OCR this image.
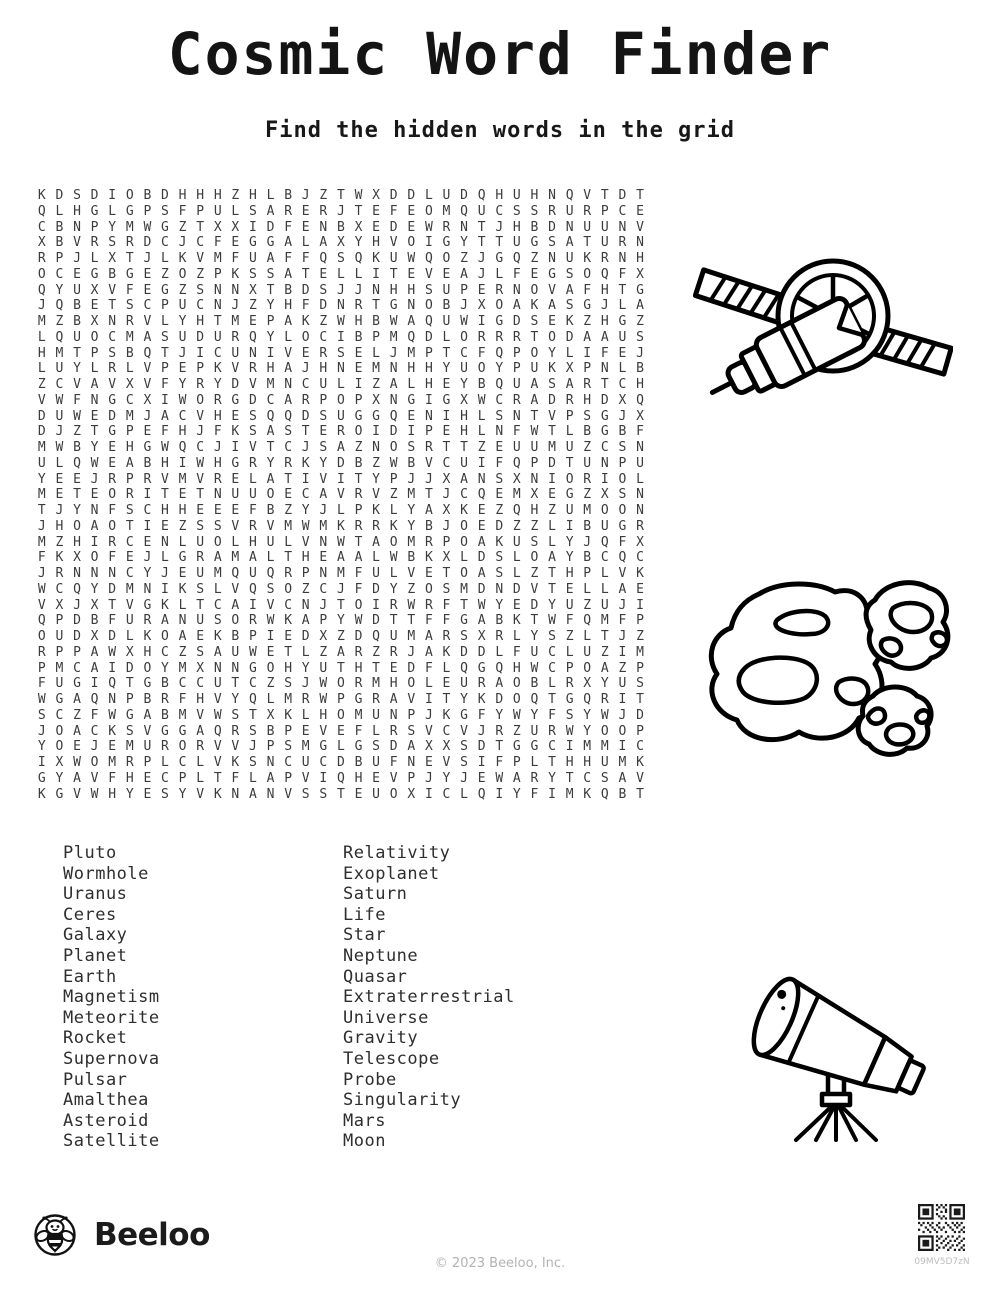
Cosmic Word Finder

Find the hidden words in the grid

K D S D I O B D H H H Z H L B J Z T W X D D L U D Q H U H N Q V T D T
Q L H G L G P S F P U L S A R E R J T E F E O M Q U C S S R U R P C E
C B N P Y M W G Z T X X I D F E N B X E D E W R N T J H B D N U U N V
X B V R S R D C J C F E G G A L A X Y H V O I G Y T T U G S A T U R N
R P J L X T J L K V M F U A F F Q S Q K U W Q O Z J G Q Z N U K R N H
O C E G B G E Z O Z P K S S A T E L L I T E V E A J L F E G S O Q F X
Q Y U X V F E G Z S N N X T B D S J J N H H S U P E R N O V A F H T G
J Q B E T S C P U C N J Z Y H F D N R T G N O B J X O A K A S G J L A
M Z B X N R V L Y H T M E P A K Z W H B W A Q U W I G D S E K Z H G Z
L Q U O C M A S U D U R Q Y L O C I B P M Q D L O R R R T O D A A U S
H M T P S B Q T J I C U N I V E R S E L J M P T C F Q P O Y L I F E J
L U Y L R L V P E P K V R H A J H N E M N H H Y U O Y P U K X P N L B
Z C V A V X V F Y R Y D V M N C U L I Z A L H E Y B Q U A S A R T C H
V W F N G C X I W O R G D C A R P O P X N G I G X W C R A D R H D X Q
D U W E D M J A C V H E S Q Q D S U G G Q E N I H L S N T V P S G J X
D J Z T G P E F H J F K S A S T E R O I D I P E H L N F W T L B G B F
M W B Y E H G W Q C J I V T C J S A Z N O S R T T Z E U U M U Z C S N
U L Q W E A B H I W H G R Y R K Y D B Z W B V C U I F Q P D T U N P U
Y E E J R P R V M V R E L A T I V I T Y P J J X A N S X N I O R I O L
M E T E O R I T E T N U U O E C A V R V Z M T J C Q E M X E G Z X S N
T J Y N F S C H H E E E F B Z Y J L P K L Y A X K E Z Q H Z U M O O N
J H O A O T I E Z S S V R V M W M K R R K Y B J O E D Z Z L I B U G R
M Z H I R C E N L U O L H U L V N W T A O M R P O A K U S L Y J Q F X
F K X O F E J L G R A M A L T H E A A L W B K X L D S L O A Y B C Q C
J R N N N C Y J E U M Q U Q R P N M F U L V E T O A S L Z T H P L V K
W C Q Y D M N I K S L V Q S O Z C J F D Y Z O S M D N D V T E L L A E
V X J X T V G K L T C A I V C N J T O I R W R F T W Y E D Y U Z U J I
Q P D B F U R A N U S O R W K A P Y W D T T F F G A B K T W F Q M F P
O U D X D L K O A E K B P I E D X Z D Q U M A R S X R L Y S Z L T J Z
R P P A W X H C Z S A U W E T L Z A R Z R J A K D D L F U C L U Z I M
P M C A I D O Y M X N N G O H Y U T H T E D F L Q G Q H W C P O A Z P
F U G I Q T G B C C U T C Z S J W O R M H O L E U R A O B L R X Y U S
W G A Q N P B R F H V Y Q L M R W P G R A V I T Y K D O Q T G Q R I T
S C Z F W G A B M V W S T X K L H O M U N P J K G F Y W Y F S Y W J D
J O A C K S V G G A Q R S B P E V E F L R S V C V J R Z U R W Y O O P
Y O E J E M U R O R V V J P S M G L G S D A X X S D T G G C I M M I C
I X W O M R P L C L V K S N C U C D B U F N E V S I F P L T H H U M K
G Y A V F H E C P L T F L A P V I Q H E V P J Y J E W A R Y T C S A V
K G V W H Y E S Y V K N A N V S S T E U O X I C L Q I Y F I M K Q B T
Pluto
Wormhole
Uranus
Ceres
Galaxy
Planet
Earth
Magnetism
Meteorite
Rocket
Supernova
Pulsar
Amalthea
Asteroid
Satellite
Relativity
Exoplanet
Saturn
Life
Star
Neptune
Quasar
Extraterrestrial
Universe
Gravity
Telescope
Probe
Singularity
Mars
Moon
Beeloo
© 2023 Beeloo, Inc.	09MV5D7zN
